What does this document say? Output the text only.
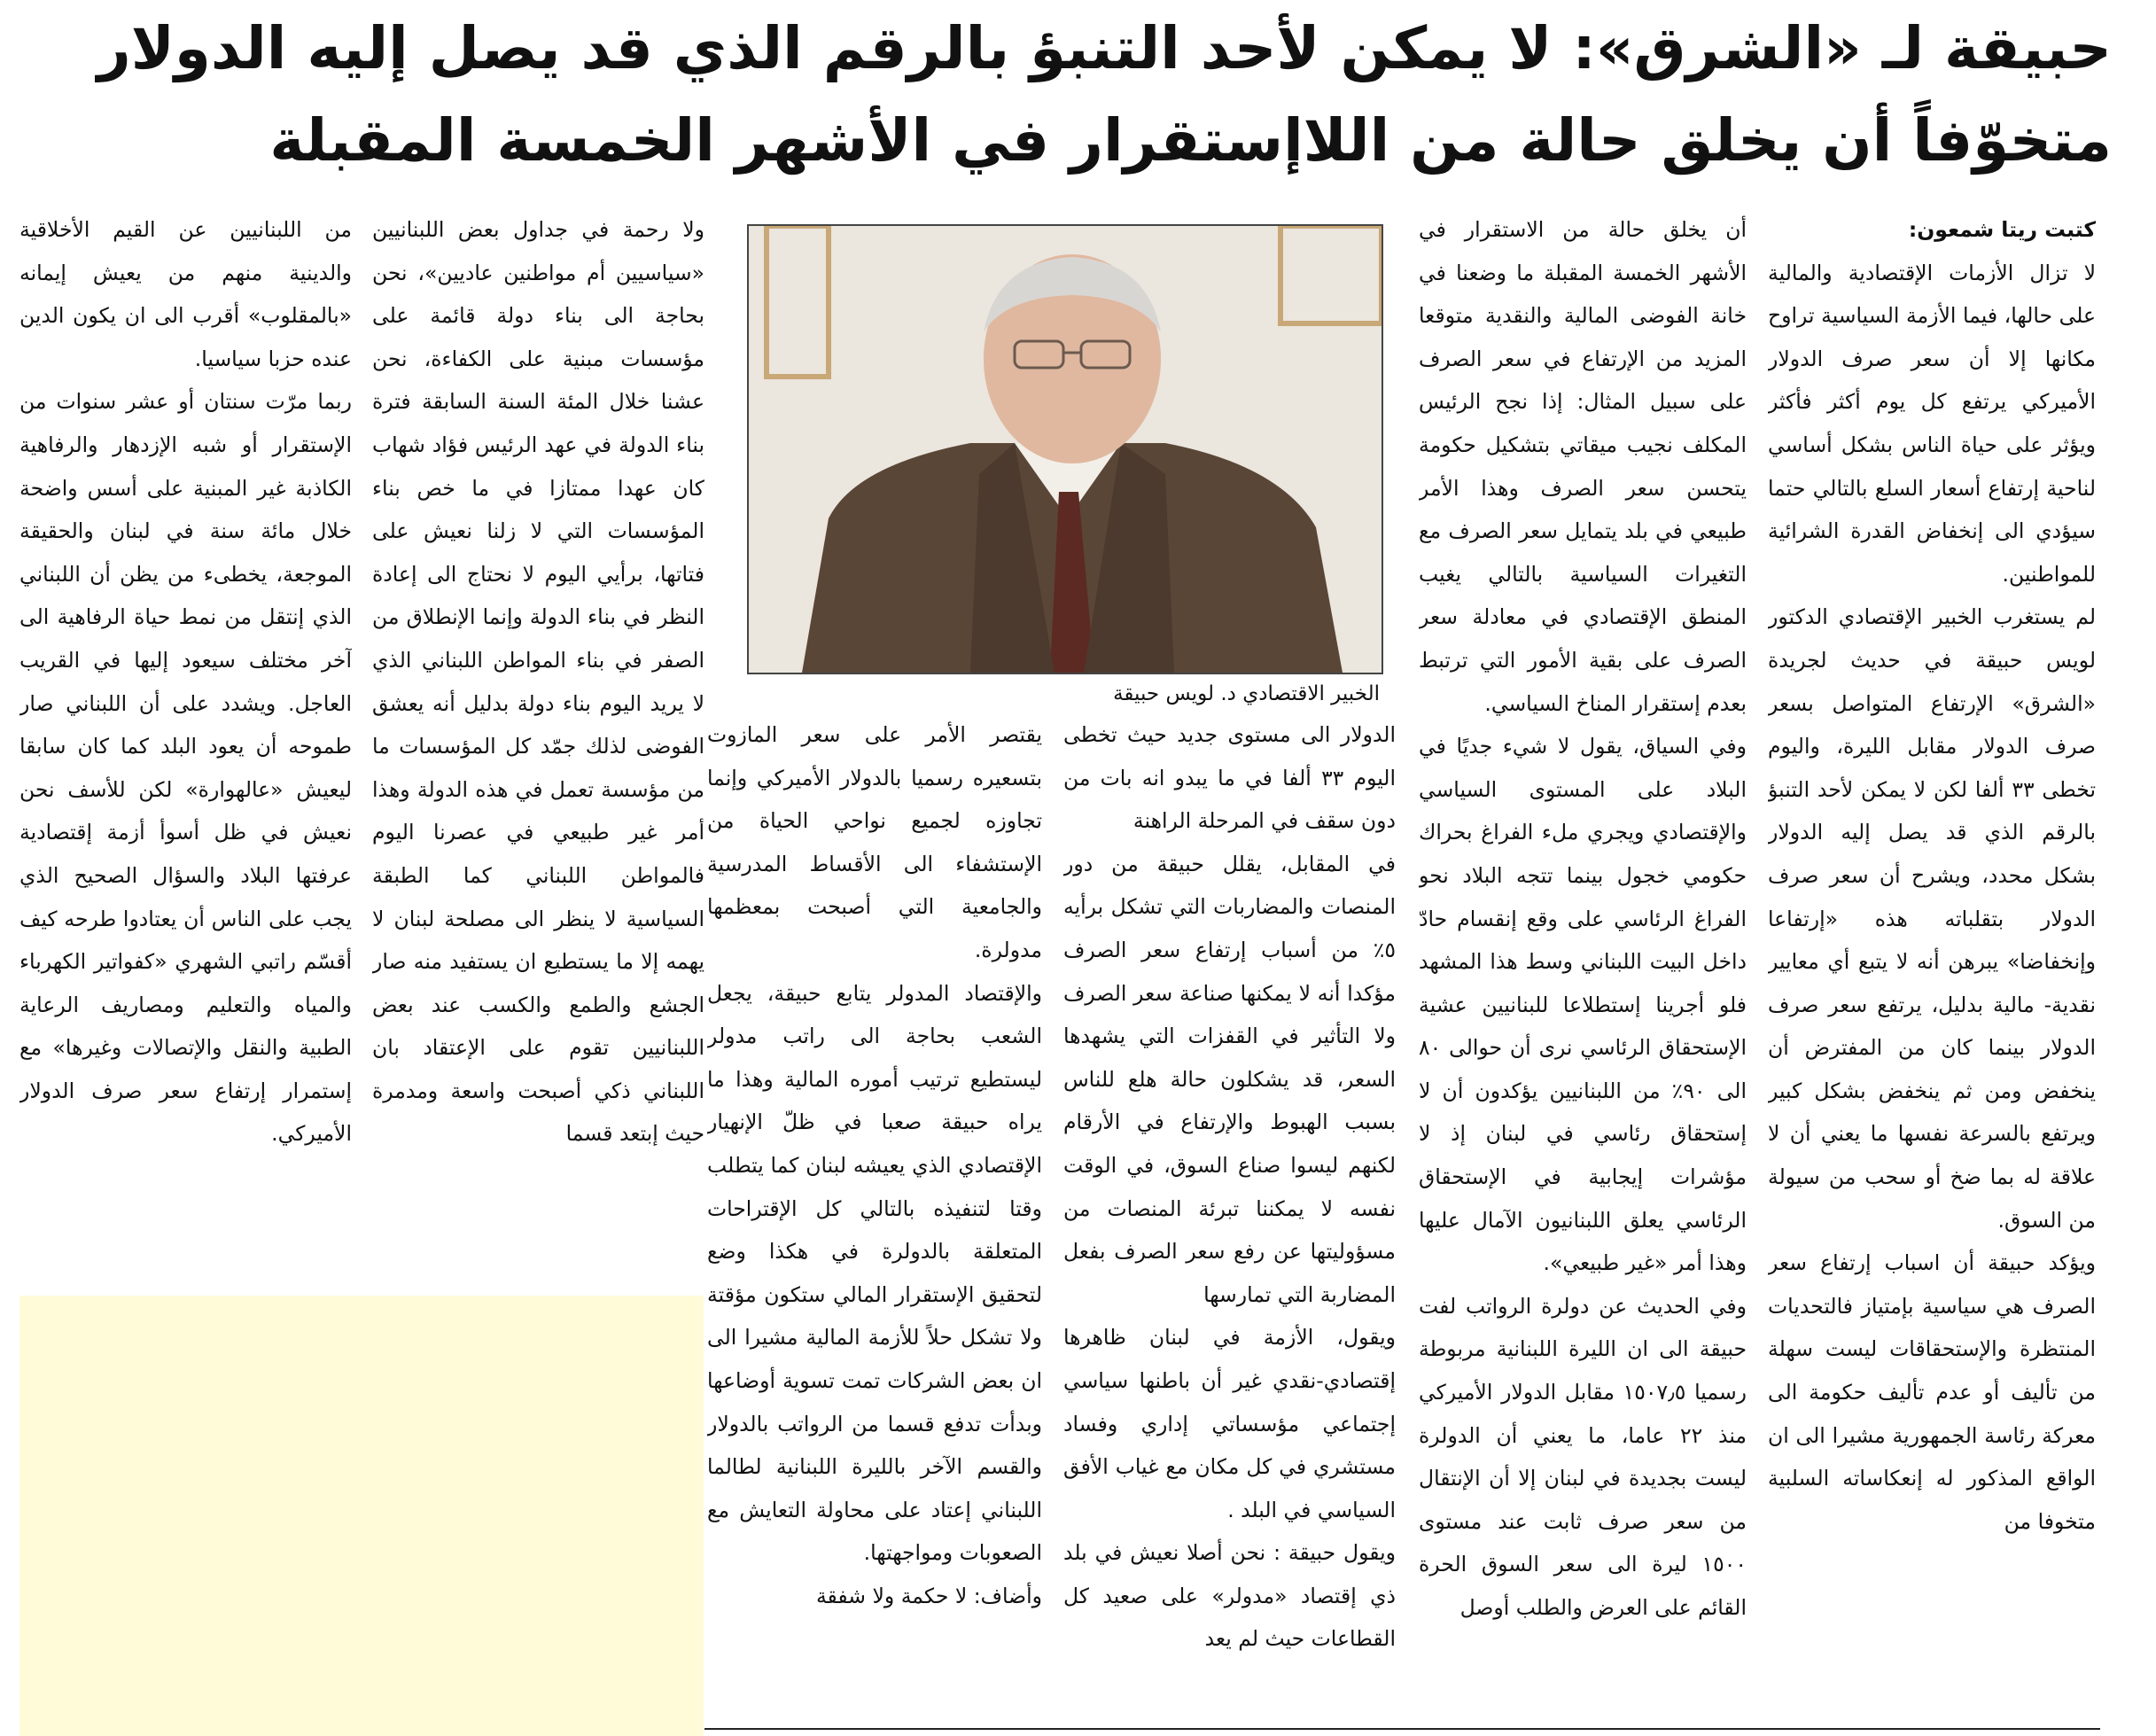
حبيقة لـ «الشرق»: لا يمكن لأحد التنبؤ بالرقم الذي قد يصل إليه الدولار
متخوّفاً أن يخلق حالة من اللاإستقرار في الأشهر الخمسة المقبلة

كتبت ريتا شمعون:

لا تزال الأزمات الإقتصادية والمالية على حالها، فيما الأزمة السياسية تراوح مكانها إلا أن سعر صرف الدولار الأميركي يرتفع كل يوم أكثر فأكثر ويؤثر على حياة الناس بشكل أساسي لناحية إرتفاع أسعار السلع بالتالي حتما سيؤدي الى إنخفاض القدرة الشرائية للمواطنين.

لم يستغرب الخبير الإقتصادي الدكتور لويس حبيقة في حديث لجريدة «الشرق» الإرتفاع المتواصل بسعر صرف الدولار مقابل الليرة، واليوم تخطى ٣٣ ألفا لكن لا يمكن لأحد التنبؤ بالرقم الذي قد يصل إليه الدولار بشكل محدد، ويشرح أن سعر صرف الدولار بتقلباته هذه «إرتفاعا وإنخفاضا» يبرهن أنه لا يتبع أي معايير نقدية- مالية بدليل، يرتفع سعر صرف الدولار بينما كان من المفترض أن ينخفض ومن ثم ينخفض بشكل كبير ويرتفع بالسرعة نفسها ما يعني أن لا علاقة له بما ضخ أو سحب من سيولة من السوق.

ويؤكد حبيقة أن اسباب إرتفاع سعر الصرف هي سياسية بإمتياز فالتحديات المنتظرة والإستحقاقات ليست سهلة من تأليف أو عدم تأليف حكومة الى معركة رئاسة الجمهورية مشيرا الى ان الواقع المذكور له إنعكاساته السلبية متخوفا من

أن يخلق حالة من الاستقرار في الأشهر الخمسة المقبلة ما وضعنا في خانة الفوضى المالية والنقدية متوقعا المزيد من الإرتفاع في سعر الصرف على سبيل المثال: إذا نجح الرئيس المكلف نجيب ميقاتي بتشكيل حكومة يتحسن سعر الصرف وهذا الأمر طبيعي في بلد يتمايل سعر الصرف مع التغيرات السياسية بالتالي يغيب المنطق الإقتصادي في معادلة سعر الصرف على بقية الأمور التي ترتبط بعدم إستقرار المناخ السياسي.

وفي السياق، يقول لا شيء جديًا في البلاد على المستوى السياسي والإقتصادي ويجري ملء الفراغ بحراك حكومي خجول بينما تتجه البلاد نحو الفراغ الرئاسي على وقع إنقسام حادّ داخل البيت اللبناني وسط هذا المشهد فلو أجرينا إستطلاعا للبنانيين عشية الإستحقاق الرئاسي نرى أن حوالى ٨٠ الى ٩٠٪ من اللبنانيين يؤكدون أن لا إستحقاق رئاسي في لبنان إذ لا مؤشرات إيجابية في الإستحقاق الرئاسي يعلق اللبنانيون الآمال عليها وهذا أمر «غير طبيعي».

وفي الحديث عن دولرة الرواتب لفت حبيقة الى ان الليرة اللبنانية مربوطة رسميا ١٥٠٧٫٥ مقابل الدولار الأميركي منذ ٢٢ عاما، ما يعني أن الدولرة ليست بجديدة في لبنان إلا أن الإنتقال من سعر صرف ثابت عند مستوى ١٥٠٠ ليرة الى سعر السوق الحرة القائم على العرض والطلب أوصل

الخبير الاقتصادي د. لويس حبيقة

الدولار الى مستوى جديد حيث تخطى اليوم ٣٣ ألفا في ما يبدو انه بات من دون سقف في المرحلة الراهنة

في المقابل، يقلل حبيقة من دور المنصات والمضاربات التي تشكل برأيه ٥٪ من أسباب إرتفاع سعر الصرف مؤكدا أنه لا يمكنها صناعة سعر الصرف ولا التأثير في القفزات التي يشهدها السعر، قد يشكلون حالة هلع للناس بسبب الهبوط والإرتفاع في الأرقام لكنهم ليسوا صناع السوق، في الوقت نفسه لا يمكننا تبرئة المنصات من مسؤوليتها عن رفع سعر الصرف بفعل المضاربة التي تمارسها

ويقول، الأزمة في لبنان ظاهرها إقتصادي-نقدي غير أن باطنها سياسي إجتماعي مؤسساتي إداري وفساد مستشري في كل مكان مع غياب الأفق السياسي في البلد .

ويقول حبيقة : نحن أصلا نعيش في بلد ذي إقتصاد «مدولر» على صعيد كل القطاعات حيث لم يعد

يقتصر الأمر على سعر المازوت بتسعيره رسميا بالدولار الأميركي وإنما تجاوزه لجميع نواحي الحياة من الإستشفاء الى الأقساط المدرسية والجامعية التي أصبحت بمعظمها مدولرة.

والإقتصاد المدولر يتابع حبيقة، يجعل الشعب بحاجة الى راتب مدولر ليستطيع ترتيب أموره المالية وهذا ما يراه حبيقة صعبا في ظلّ الإنهيار الإقتصادي الذي يعيشه لبنان كما يتطلب وقتا لتنفيذه بالتالي كل الإقتراحات المتعلقة بالدولرة في هكذا وضع لتحقيق الإستقرار المالي ستكون مؤقتة ولا تشكل حلاً للأزمة المالية مشيرا الى ان بعض الشركات تمت تسوية أوضاعها وبدأت تدفع قسما من الرواتب بالدولار والقسم الآخر بالليرة اللبنانية لطالما اللبناني إعتاد على محاولة التعايش مع الصعوبات ومواجهتها.

وأضاف: لا حكمة ولا شفقة

ولا رحمة في جداول بعض اللبنانيين «سياسيين أم مواطنين عاديين»، نحن بحاجة الى بناء دولة قائمة على مؤسسات مبنية على الكفاءة، نحن عشنا خلال المئة السنة السابقة فترة بناء الدولة في عهد الرئيس فؤاد شهاب كان عهدا ممتازا في ما خص بناء المؤسسات التي لا زلنا نعيش على فتاتها، برأيي اليوم لا نحتاج الى إعادة النظر في بناء الدولة وإنما الإنطلاق من الصفر في بناء المواطن اللبناني الذي لا يريد اليوم بناء دولة بدليل أنه يعشق الفوضى لذلك جمّد كل المؤسسات ما من مؤسسة تعمل في هذه الدولة وهذا أمر غير طبيعي في عصرنا اليوم فالمواطن اللبناني كما الطبقة السياسية لا ينظر الى مصلحة لبنان لا يهمه إلا ما يستطيع ان يستفيد منه صار الجشع والطمع والكسب عند بعض اللبنانيين تقوم على الإعتقاد بان اللبناني ذكي أصبحت واسعة ومدمرة حيث إبتعد قسما

من اللبنانيين عن القيم الأخلاقية والدينية منهم من يعيش إيمانه «بالمقلوب» أقرب الى ان يكون الدين عنده حزبا سياسيا.

ربما مرّت سنتان أو عشر سنوات من الإستقرار أو شبه الإزدهار والرفاهية الكاذبة غير المبنية على أسس واضحة خلال مائة سنة في لبنان والحقيقة الموجعة، يخطىء من يظن أن اللبناني الذي إنتقل من نمط حياة الرفاهية الى آخر مختلف سيعود إليها في القريب العاجل. ويشدد على أن اللبناني صار طموحه أن يعود البلد كما كان سابقا ليعيش «عالهوارة» لكن للأسف نحن نعيش في ظل أسوأ أزمة إقتصادية عرفتها البلاد والسؤال الصحيح الذي يجب على الناس أن يعتادوا طرحه كيف أقسّم راتبي الشهري «كفواتير الكهرباء والمياه والتعليم ومصاريف الرعاية الطبية والنقل والإتصالات وغيرها» مع إستمرار إرتفاع سعر صرف الدولار الأميركي.
